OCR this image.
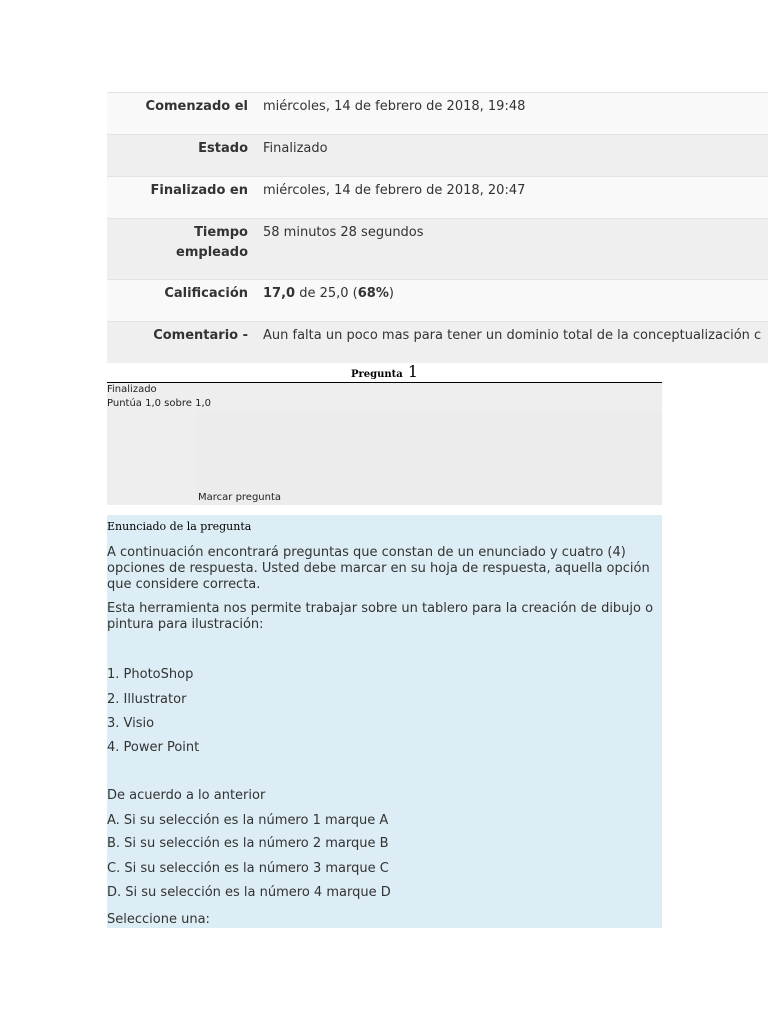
Comenzado el	miércoles, 14 de febrero de 2018, 19:48
Estado	Finalizado
Finalizado en	miércoles, 14 de febrero de 2018, 20:47
Tiempo
empleado	58 minutos 28 segundos
Calificación	17,0 de 25,0 (68%)
Comentario -	Aun falta un poco mas para tener un dominio total de la conceptualización c
Pregunta 1
Finalizado
Puntúa 1,0 sobre 1,0
Marcar pregunta
Enunciado de la pregunta

A continuación encontrará preguntas que constan de un enunciado y cuatro (4) opciones de respuesta. Usted debe marcar en su hoja de respuesta, aquella opción que considere correcta.

Esta herramienta nos permite trabajar sobre un tablero para la creación de dibujo o pintura para ilustración:

1. PhotoShop

2. Illustrator

3. Visio

4. Power Point

De acuerdo a lo anterior

A. Si su selección es la número 1 marque A

B. Si su selección es la número 2 marque B

C. Si su selección es la número 3 marque C

D. Si su selección es la número 4 marque D

Seleccione una:
